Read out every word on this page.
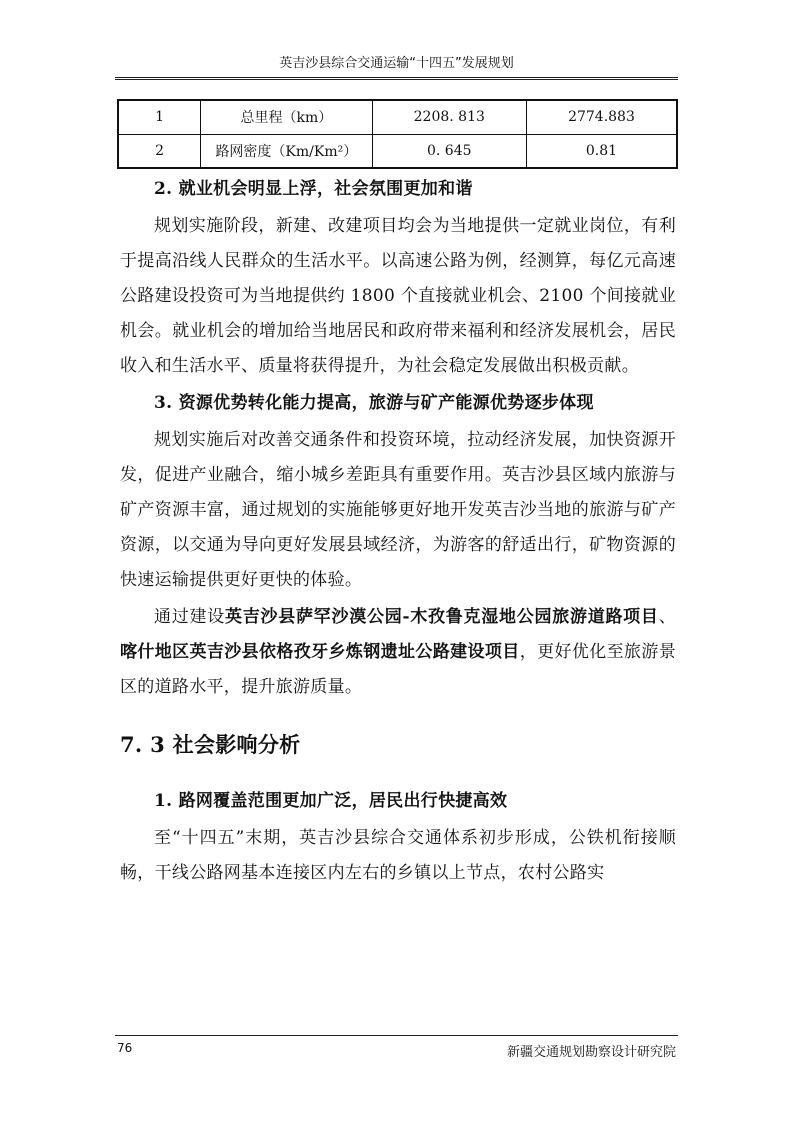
英吉沙县综合交通运输“十四五”发展规划
1	总里程（km）	2208. 813	2774.883
2	路网密度（Km/Km²）	0. 645	0.81
2. 就业机会明显上浮，社会氛围更加和谐

规划实施阶段，新建、改建项目均会为当地提供一定就业岗位，有利于提高沿线人民群众的生活水平。以高速公路为例，经测算，每亿元高速公路建设投资可为当地提供约 1800 个直接就业机会、2100 个间接就业机会。就业机会的增加给当地居民和政府带来福利和经济发展机会，居民收入和生活水平、质量将获得提升，为社会稳定发展做出积极贡献。

3. 资源优势转化能力提高，旅游与矿产能源优势逐步体现

规划实施后对改善交通条件和投资环境，拉动经济发展，加快资源开发，促进产业融合，缩小城乡差距具有重要作用。英吉沙县区域内旅游与矿产资源丰富，通过规划的实施能够更好地开发英吉沙当地的旅游与矿产资源，以交通为导向更好发展县域经济，为游客的舒适出行，矿物资源的快速运输提供更好更快的体验。

通过建设英吉沙县萨罕沙漠公园-木孜鲁克湿地公园旅游道路项目、喀什地区英吉沙县依格孜牙乡炼钢遗址公路建设项目，更好优化至旅游景区的道路水平，提升旅游质量。

7. 3 社会影响分析
1. 路网覆盖范围更加广泛，居民出行快捷高效

至“十四五”末期，英吉沙县综合交通体系初步形成，公铁机衔接顺畅，干线公路网基本连接区内左右的乡镇以上节点，农村公路实

76	新疆交通规划勘察设计研究院
